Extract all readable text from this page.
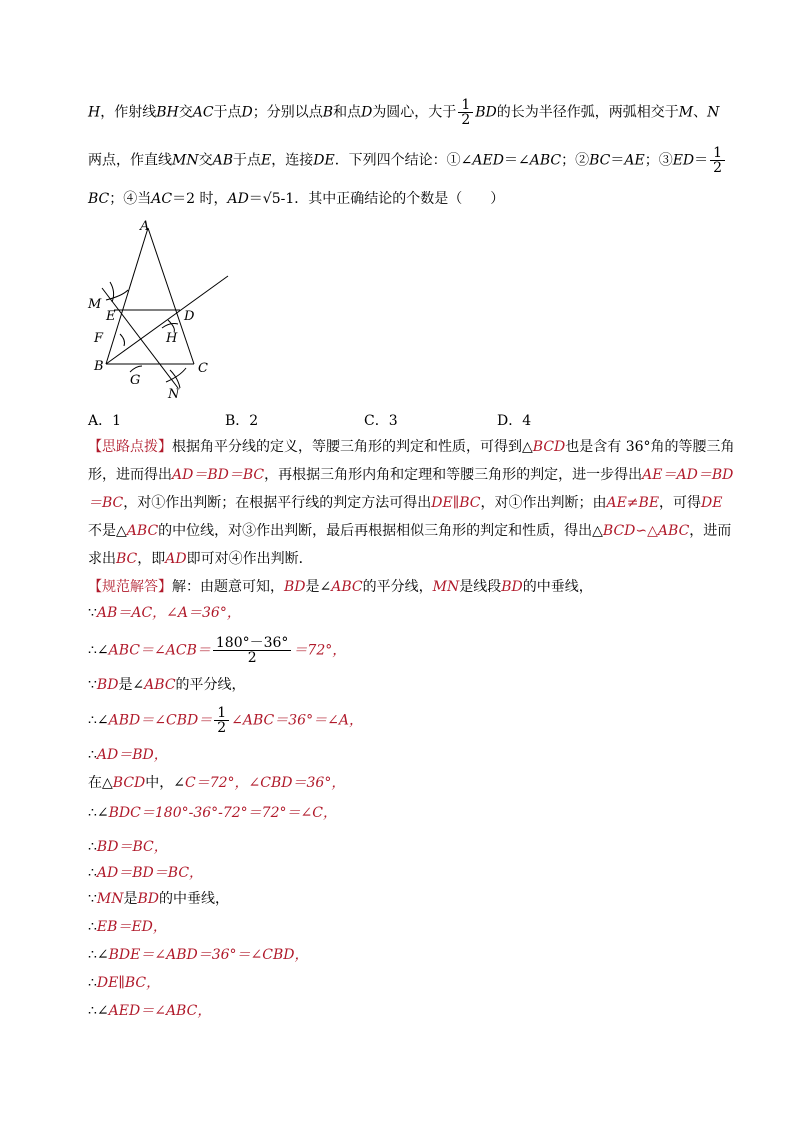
H，作射线BH交AC于点D；分别以点B和点D为圆心，大于 $\frac{1}{2}$ BD的长为半径作弧，两弧相交于M、N
两点，作直线MN交AB于点E，连接DE．下列四个结论：①∠AED＝∠ABC；②BC＝AE；③ED＝ $\frac{1}{2}$
BC；④当AC＝2 时，AD＝√5-1．其中正确结论的个数是（　　）
A
M
E	D
F	H
B	C
G
N
A．1	B．2	C．3	D．4
【思路点拨】根据角平分线的定义，等腰三角形的判定和性质，可得到△BCD也是含有 36°角的等腰三角
形，进而得出AD＝BD＝BC，再根据三角形内角和定理和等腰三角形的判定，进一步得出AE＝AD＝BD
＝BC，对①作出判断；在根据平行线的判定方法可得出DE∥BC，对①作出判断；由AE≠BE，可得DE
不是△ABC的中位线，对③作出判断，最后再根据相似三角形的判定和性质，得出△BCD∽△ABC，进而
求出BC，即AD即可对④作出判断．
【规范解答】解：由题意可知，BD是∠ABC的平分线，MN是线段BD的中垂线，
∵AB＝AC，∠A＝36°，
∴∠ABC＝∠ACB＝ $\frac{180^\circ-36^\circ}{2} =72^\circ$，
∵BD是∠ABC的平分线，
∴∠ABD＝∠CBD＝ $\frac{1}{2}$ ∠ABC＝36°＝∠A，
∴AD＝BD，
在△BCD中，∠C＝72°，∠CBD＝36°，
∴∠BDC＝180°-36°-72°＝72°＝∠C，
∴BD＝BC，
∴AD＝BD＝BC，
∵MN是BD的中垂线，
∴EB＝ED，
∴∠BDE＝∠ABD＝36°＝∠CBD，
∴DE∥BC，
∴∠AED＝∠ABC，
